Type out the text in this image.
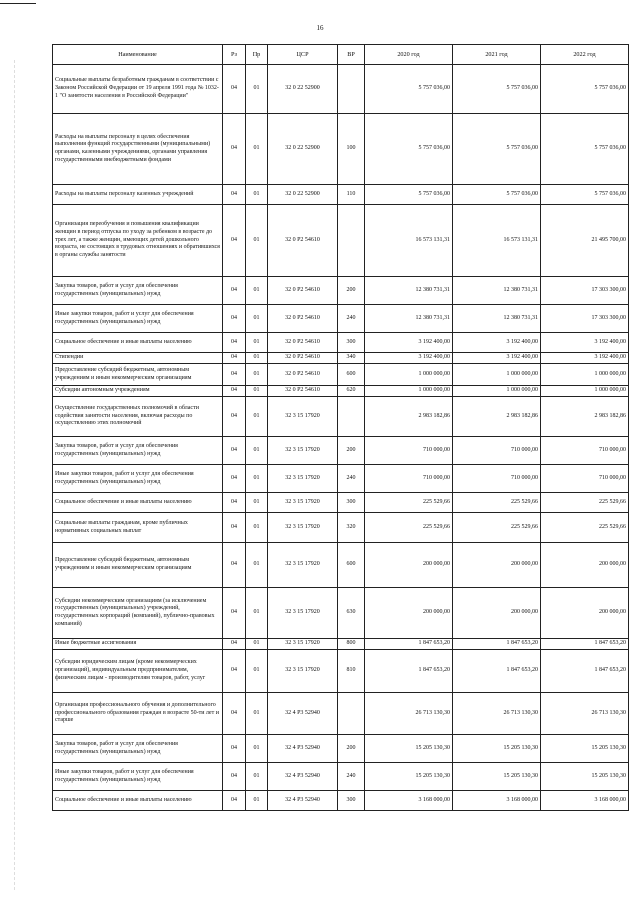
16
Наименование	Рз	Пр	ЦСР	ВР	2020 год	2021 год	2022 год
Социальные выплаты безработным гражданам в соответствии с Законом Российской Федерации от 19 апреля 1991 года № 1032-1 "О занятости населения в Российской Федерации"	04	01	32 0 22 52900		5 757 036,00	5 757 036,00	5 757 036,00
Расходы на выплаты персоналу в целях обеспечения выполнения функций государственными (муниципальными) органами, казенными учреждениями, органами управления государственными внебюджетными фондами	04	01	32 0 22 52900	100	5 757 036,00	5 757 036,00	5 757 036,00
Расходы на выплаты персоналу казенных учреждений	04	01	32 0 22 52900	110	5 757 036,00	5 757 036,00	5 757 036,00
Организация переобучения и повышения квалификации женщин в период отпуска по уходу за ребенком в возрасте до трех лет, а также женщин, имеющих детей дошкольного возраста, не состоящих в трудовых отношениях и обратившихся в органы службы занятости	04	01	32 0 Р2 54610		16 573 131,31	16 573 131,31	21 495 700,00
Закупка товаров, работ и услуг для обеспечения государственных (муниципальных) нужд	04	01	32 0 Р2 54610	200	12 380 731,31	12 380 731,31	17 303 300,00
Иные закупки товаров, работ и услуг для обеспечения государственных (муниципальных) нужд	04	01	32 0 Р2 54610	240	12 380 731,31	12 380 731,31	17 303 300,00
Социальное обеспечение и иные выплаты населению	04	01	32 0 Р2 54610	300	3 192 400,00	3 192 400,00	3 192 400,00
Стипендии	04	01	32 0 Р2 54610	340	3 192 400,00	3 192 400,00	3 192 400,00
Предоставление субсидий бюджетным, автономным учреждениям и иным некоммерческим организациям	04	01	32 0 Р2 54610	600	1 000 000,00	1 000 000,00	1 000 000,00
Субсидии автономным учреждениям	04	01	32 0 Р2 54610	620	1 000 000,00	1 000 000,00	1 000 000,00
Осуществление государственных полномочий в области содействия занятости населения, включая расходы по осуществлению этих полномочий	04	01	32 3 15 17920		2 983 182,86	2 983 182,86	2 983 182,86
Закупка товаров, работ и услуг для обеспечения государственных (муниципальных) нужд	04	01	32 3 15 17920	200	710 000,00	710 000,00	710 000,00
Иные закупки товаров, работ и услуг для обеспечения государственных (муниципальных) нужд	04	01	32 3 15 17920	240	710 000,00	710 000,00	710 000,00
Социальное обеспечение и иные выплаты населению	04	01	32 3 15 17920	300	225 529,66	225 529,66	225 529,66
Социальные выплаты гражданам, кроме публичных нормативных социальных выплат	04	01	32 3 15 17920	320	225 529,66	225 529,66	225 529,66
Предоставление субсидий бюджетным, автономным учреждениям и иным некоммерческим организациям	04	01	32 3 15 17920	600	200 000,00	200 000,00	200 000,00
Субсидии некоммерческим организациям (за исключением государственных (муниципальных) учреждений, государственных корпораций (компаний), публично-правовых компаний)	04	01	32 3 15 17920	630	200 000,00	200 000,00	200 000,00
Иные бюджетные ассигнования	04	01	32 3 15 17920	800	1 847 653,20	1 847 653,20	1 847 653,20
Субсидии юридическим лицам (кроме некоммерческих организаций), индивидуальным предпринимателям, физическим лицам - производителям товаров, работ, услуг	04	01	32 3 15 17920	810	1 847 653,20	1 847 653,20	1 847 653,20
Организация профессионального обучения и дополнительного профессионального образования граждан в возрасте 50-ти лет и старше	04	01	32 4 Р3 52940		26 713 130,30	26 713 130,30	26 713 130,30
Закупка товаров, работ и услуг для обеспечения государственных (муниципальных) нужд	04	01	32 4 Р3 52940	200	15 205 130,30	15 205 130,30	15 205 130,30
Иные закупки товаров, работ и услуг для обеспечения государственных (муниципальных) нужд	04	01	32 4 Р3 52940	240	15 205 130,30	15 205 130,30	15 205 130,30
Социальное обеспечение и иные выплаты населению	04	01	32 4 Р3 52940	300	3 168 000,00	3 168 000,00	3 168 000,00
